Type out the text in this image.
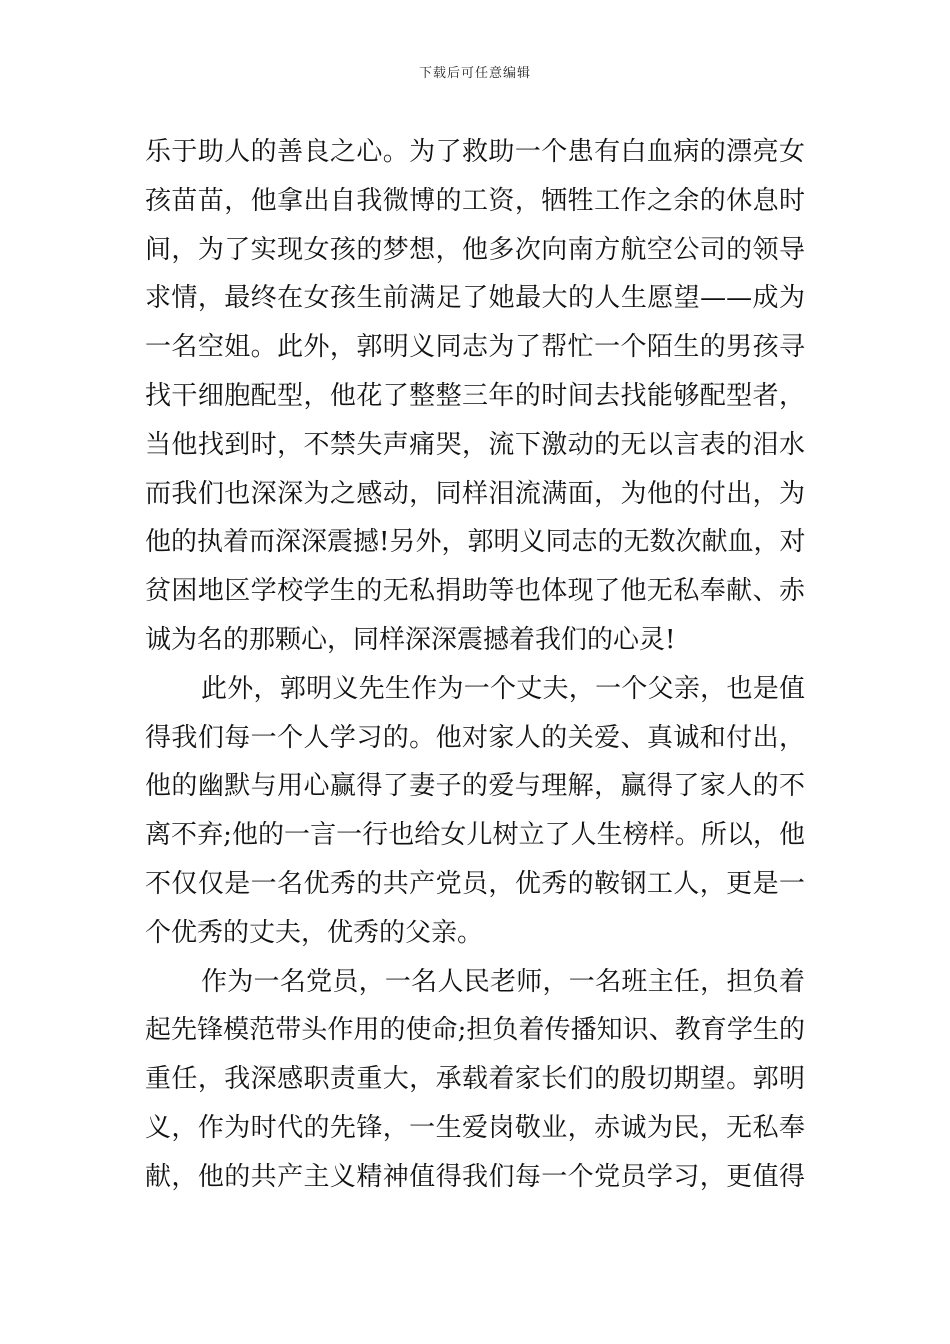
下载后可任意编辑
乐于助人的善良之心。为了救助一个患有白血病的漂亮女
孩苗苗，他拿出自我微博的工资，牺牲工作之余的休息时
间，为了实现女孩的梦想，他多次向南方航空公司的领导
求情，最终在女孩生前满足了她最大的人生愿望——成为
一名空姐。此外，郭明义同志为了帮忙一个陌生的男孩寻
找干细胞配型，他花了整整三年的时间去找能够配型者，
当他找到时，不禁失声痛哭，流下激动的无以言表的泪水
而我们也深深为之感动，同样泪流满面，为他的付出，为
他的执着而深深震撼!另外，郭明义同志的无数次献血，对
贫困地区学校学生的无私捐助等也体现了他无私奉献、赤
诚为名的那颗心，同样深深震撼着我们的心灵!
此外，郭明义先生作为一个丈夫，一个父亲，也是值
得我们每一个人学习的。他对家人的关爱、真诚和付出，
他的幽默与用心赢得了妻子的爱与理解，赢得了家人的不
离不弃;他的一言一行也给女儿树立了人生榜样。所以，他
不仅仅是一名优秀的共产党员，优秀的鞍钢工人，更是一
个优秀的丈夫，优秀的父亲。
作为一名党员，一名人民老师，一名班主任，担负着
起先锋模范带头作用的使命;担负着传播知识、教育学生的
重任，我深感职责重大，承载着家长们的殷切期望。郭明
义，作为时代的先锋，一生爱岗敬业，赤诚为民，无私奉
献，他的共产主义精神值得我们每一个党员学习，更值得
